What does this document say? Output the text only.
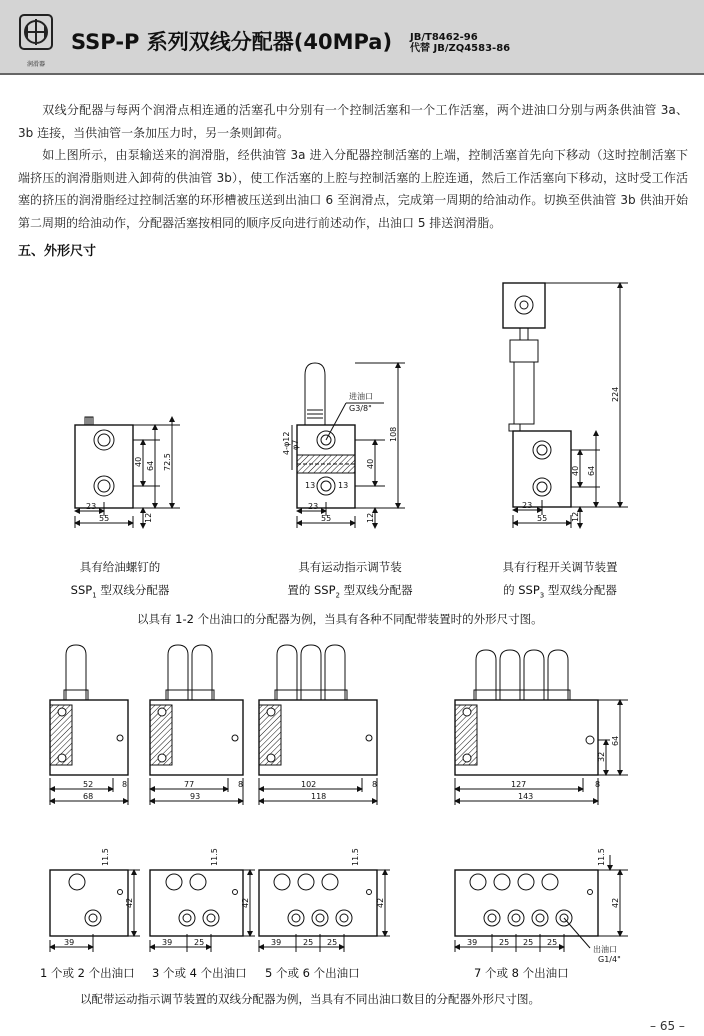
润滑器
SSP-P 系列双线分配器(40MPa) JB/T8462-96
代替 JB/ZQ4583-86
双线分配器与每两个润滑点相连通的活塞孔中分别有一个控制活塞和一个工作活塞，两个进油口分别与两条供油管 3a、3b 连接，当供油管一条加压力时，另一条则卸荷。
如上图所示，由泵输送来的润滑脂，经供油管 3a 进入分配器控制活塞的上端，控制活塞首先向下移动（这时控制活塞下端挤压的润滑脂则进入卸荷的供油管 3b），使工作活塞的上腔与控制活塞的上腔连通，然后工作活塞向下移动，这时受工作活塞的挤压的润滑脂经过控制活塞的环形槽被压送到出油口 6 至润滑点，完成第一周期的给油动作。切换至供油管 3b 供油开始第二周期的给油动作，分配器活塞按相同的顺序反向进行前述动作，出油口 5 排送润滑脂。
五、外形尺寸
23
55
40 64 72.5
12
23
55
40
108
12
13	13
φ7
4-φ12
进油口
G3/8"
23
55
40 64
224
12
52
68
8	77
93
8	102
118
8	127
143
8
32
64
11.5
42
39
11.5
42
39	25
11.5
42
39	25 25
11.5
42
39	25 25 25
出油口
G1/4"
具有给油螺钉的
$SSP_1$ 型双线分配器
具有运动指示调节装
置的 $SSP_2$ 型双线分配器
具有行程开关调节装置
的 $SSP_3$ 型双线分配器
以具有 1-2 个出油口的分配器为例，当具有各种不同配带装置时的外形尺寸图。
1 个或 2 个出油口 3 个或 4 个出油口 5 个或 6 个出油口	7 个或 8 个出油口
以配带运动指示调节装置的双线分配器为例，当具有不同出油口数目的分配器外形尺寸图。
– 65 –
